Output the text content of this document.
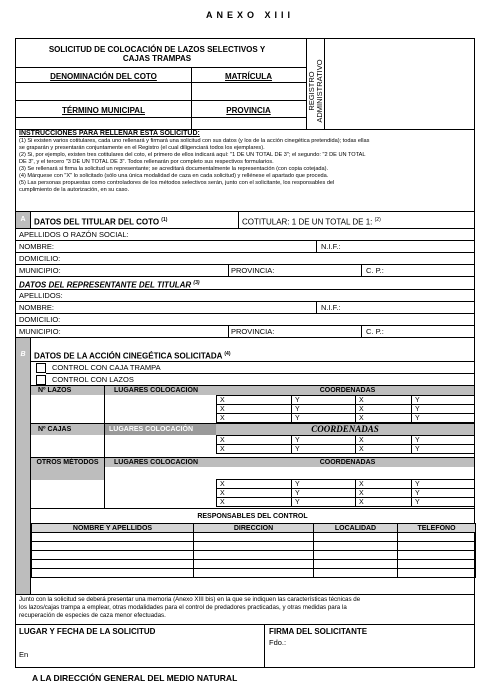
ANEXO XIII
SOLICITUD DE COLOCACIÓN DE LAZOS SELECTIVOS Y CAJAS TRAMPAS
DENOMINACIÓN DEL COTO	MATRÍCULA
TÉRMINO MUNICIPAL	PROVINCIA	REGISTRO ADMINISTRATIVO
INSTRUCCIONES PARA RELLENAR ESTA SOLICITUD:
(1) Si existen varios cotitulares, cada uno rellenará y firmará una solicitud con sus datos (y los de la acción cinegética pretendida); todas ellas
se graparán y presentarán conjuntamente en el Registro (el cual diligenciará todos los ejemplares).
(2) Si, por ejemplo, existen tres cotitulares del coto, el primero de ellos indicará aquí: "1 DE UN TOTAL DE 3"; el segundo: "2 DE UN TOTAL
DE 3", y el tercero "3 DE UN TOTAL DE 3". Todos rellenarán por completo sus respectivos formularios.
(3) Se rellenará si firma la solicitud un representante; se acreditará documentalmente la representación (con copia cotejada).
(4) Márquese con "X" lo solicitado (sólo una única modalidad de caza en cada solicitud) y rellénese el apartado que proceda.
(5) Las personas propuestas como controladores de los métodos selectivos serán, junto con el solicitante, los responsables del
cumplimiento de la autorización, en su caso.
A	DATOS DEL TITULAR DEL COTO $^{(1)}$	COTITULAR: 1 DE UN TOTAL DE 1: $^{(2)}$
APELLIDOS O RAZÓN SOCIAL:
NOMBRE:	N.I.F.:
DOMICILIO:
MUNICIPIO:	PROVINCIA:	C. P.:
DATOS DEL REPRESENTANTE DEL TITULAR $^{(3)}$
APELLIDOS:
NOMBRE:	N.I.F.:
DOMICILIO:
MUNICIPIO:	PROVINCIA:	C. P.:
B	DATOS DE LA ACCIÓN CINEGÉTICA SOLICITADA $^{(4)}$
CONTROL CON CAJA TRAMPA
CONTROL CON LAZOS
Nº LAZOS	LUGARES COLOCACIÓN	COORDENADAS
X	Y	X	Y
X	Y	X	Y
X	Y	X	Y
Nº CAJAS	LUGARES COLOCACIÓN	COORDENADAS
X	Y	X	Y
X	Y	X	Y
OTROS MÉTODOS	LUGARES COLOCACIÓN	COORDENADAS
X	Y	X	Y
X	Y	X	Y
X	Y	X	Y
RESPONSABLES DEL CONTROL
NOMBRE Y APELLIDOS	DIRECCION	LOCALIDAD	TELEFONO

Junto con la solicitud se deberá presentar una memoria (Anexo XIII bis) en la que se indiquen las características técnicas de
los lazos/cajas trampa a emplear, otras modalidades para el control de predadores practicadas, y otras medidas para la
recuperación de especies de caza menor efectuadas.
LUGAR Y FECHA DE LA SOLICITUD
En
FIRMA DEL SOLICITANTE
Fdo.:
A LA DIRECCIÓN GENERAL DEL MEDIO NATURAL
